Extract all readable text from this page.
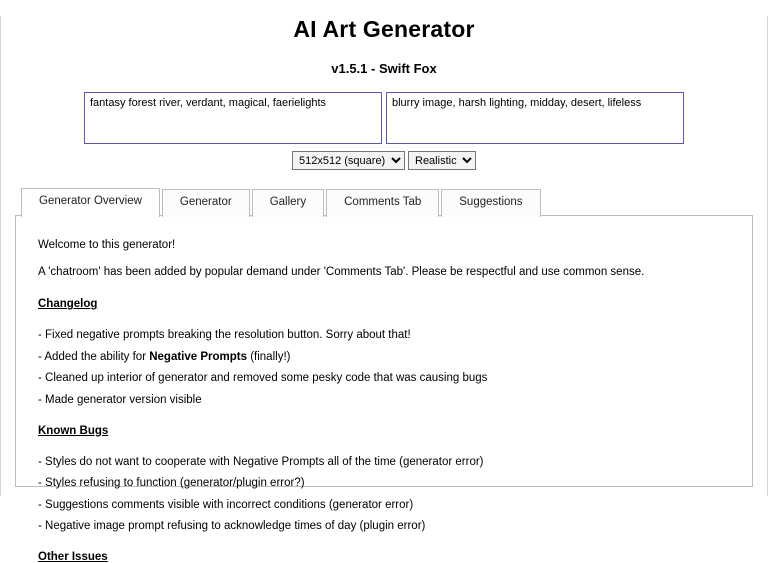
AI Art Generator
v1.5.1 - Swift Fox
fantasy forest river, verdant, magical, faerielights
blurry image, harsh lighting, midday, desert, lifeless
512x512 (square)
Realistic
Generator Overview	Generator	Gallery	Comments Tab	Suggestions

Welcome to this generator!

A 'chatroom' has been added by popular demand under 'Comments Tab'. Please be respectful and use common sense.

Changelog
- Fixed negative prompts breaking the resolution button. Sorry about that!
- Added the ability for Negative Prompts (finally!)
- Cleaned up interior of generator and removed some pesky code that was causing bugs
- Made generator version visible
Known Bugs
- Styles do not want to cooperate with Negative Prompts all of the time (generator error)
- Styles refusing to function (generator/plugin error?)
- Suggestions comments visible with incorrect conditions (generator error)
- Negative image prompt refusing to acknowledge times of day (plugin error)
Other Issues
